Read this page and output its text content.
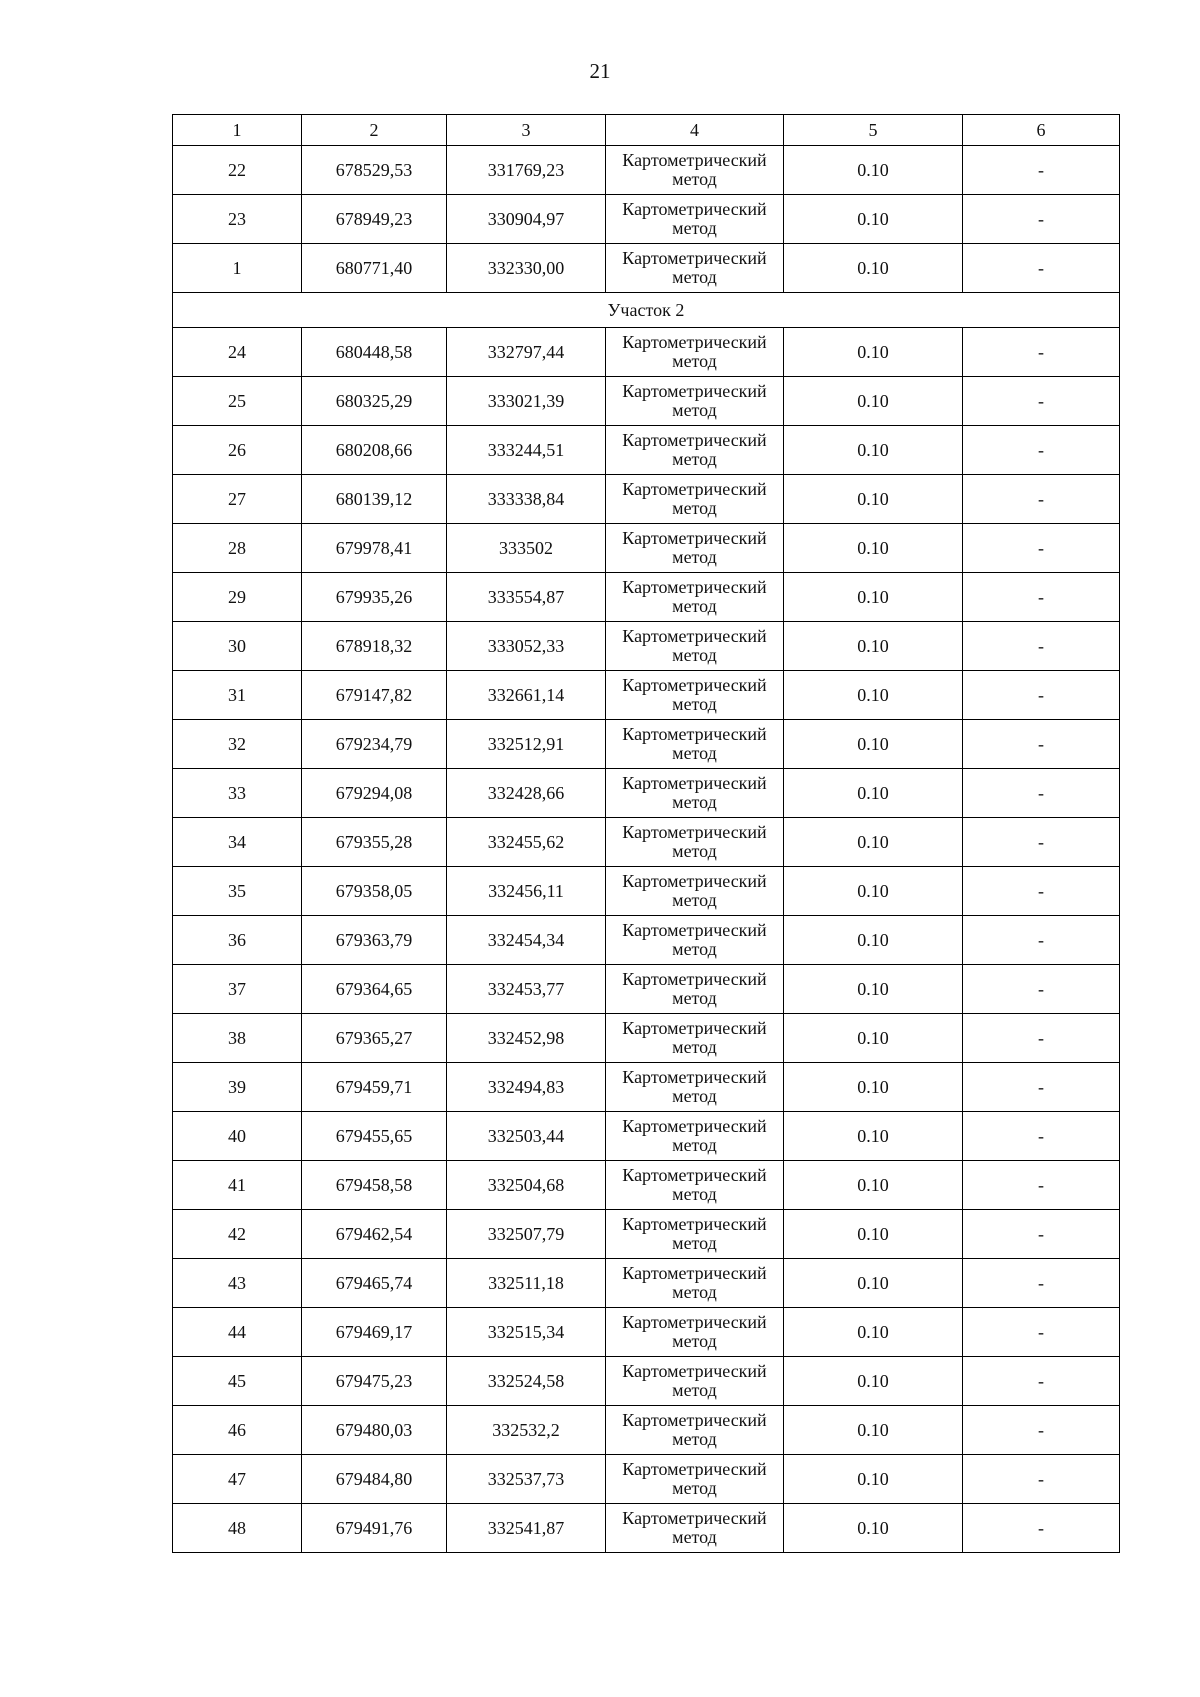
21
1	2	3	4	5	6
22	678529,53	331769,23	Картометрический метод	0.10	-
23	678949,23	330904,97	Картометрический метод	0.10	-
1	680771,40	332330,00	Картометрический метод	0.10	-
Участок 2					
24	680448,58	332797,44	Картометрический метод	0.10	-
25	680325,29	333021,39	Картометрический метод	0.10	-
26	680208,66	333244,51	Картометрический метод	0.10	-
27	680139,12	333338,84	Картометрический метод	0.10	-
28	679978,41	333502	Картометрический метод	0.10	-
29	679935,26	333554,87	Картометрический метод	0.10	-
30	678918,32	333052,33	Картометрический метод	0.10	-
31	679147,82	332661,14	Картометрический метод	0.10	-
32	679234,79	332512,91	Картометрический метод	0.10	-
33	679294,08	332428,66	Картометрический метод	0.10	-
34	679355,28	332455,62	Картометрический метод	0.10	-
35	679358,05	332456,11	Картометрический метод	0.10	-
36	679363,79	332454,34	Картометрический метод	0.10	-
37	679364,65	332453,77	Картометрический метод	0.10	-
38	679365,27	332452,98	Картометрический метод	0.10	-
39	679459,71	332494,83	Картометрический метод	0.10	-
40	679455,65	332503,44	Картометрический метод	0.10	-
41	679458,58	332504,68	Картометрический метод	0.10	-
42	679462,54	332507,79	Картометрический метод	0.10	-
43	679465,74	332511,18	Картометрический метод	0.10	-
44	679469,17	332515,34	Картометрический метод	0.10	-
45	679475,23	332524,58	Картометрический метод	0.10	-
46	679480,03	332532,2	Картометрический метод	0.10	-
47	679484,80	332537,73	Картометрический метод	0.10	-
48	679491,76	332541,87	Картометрический метод	0.10	-
